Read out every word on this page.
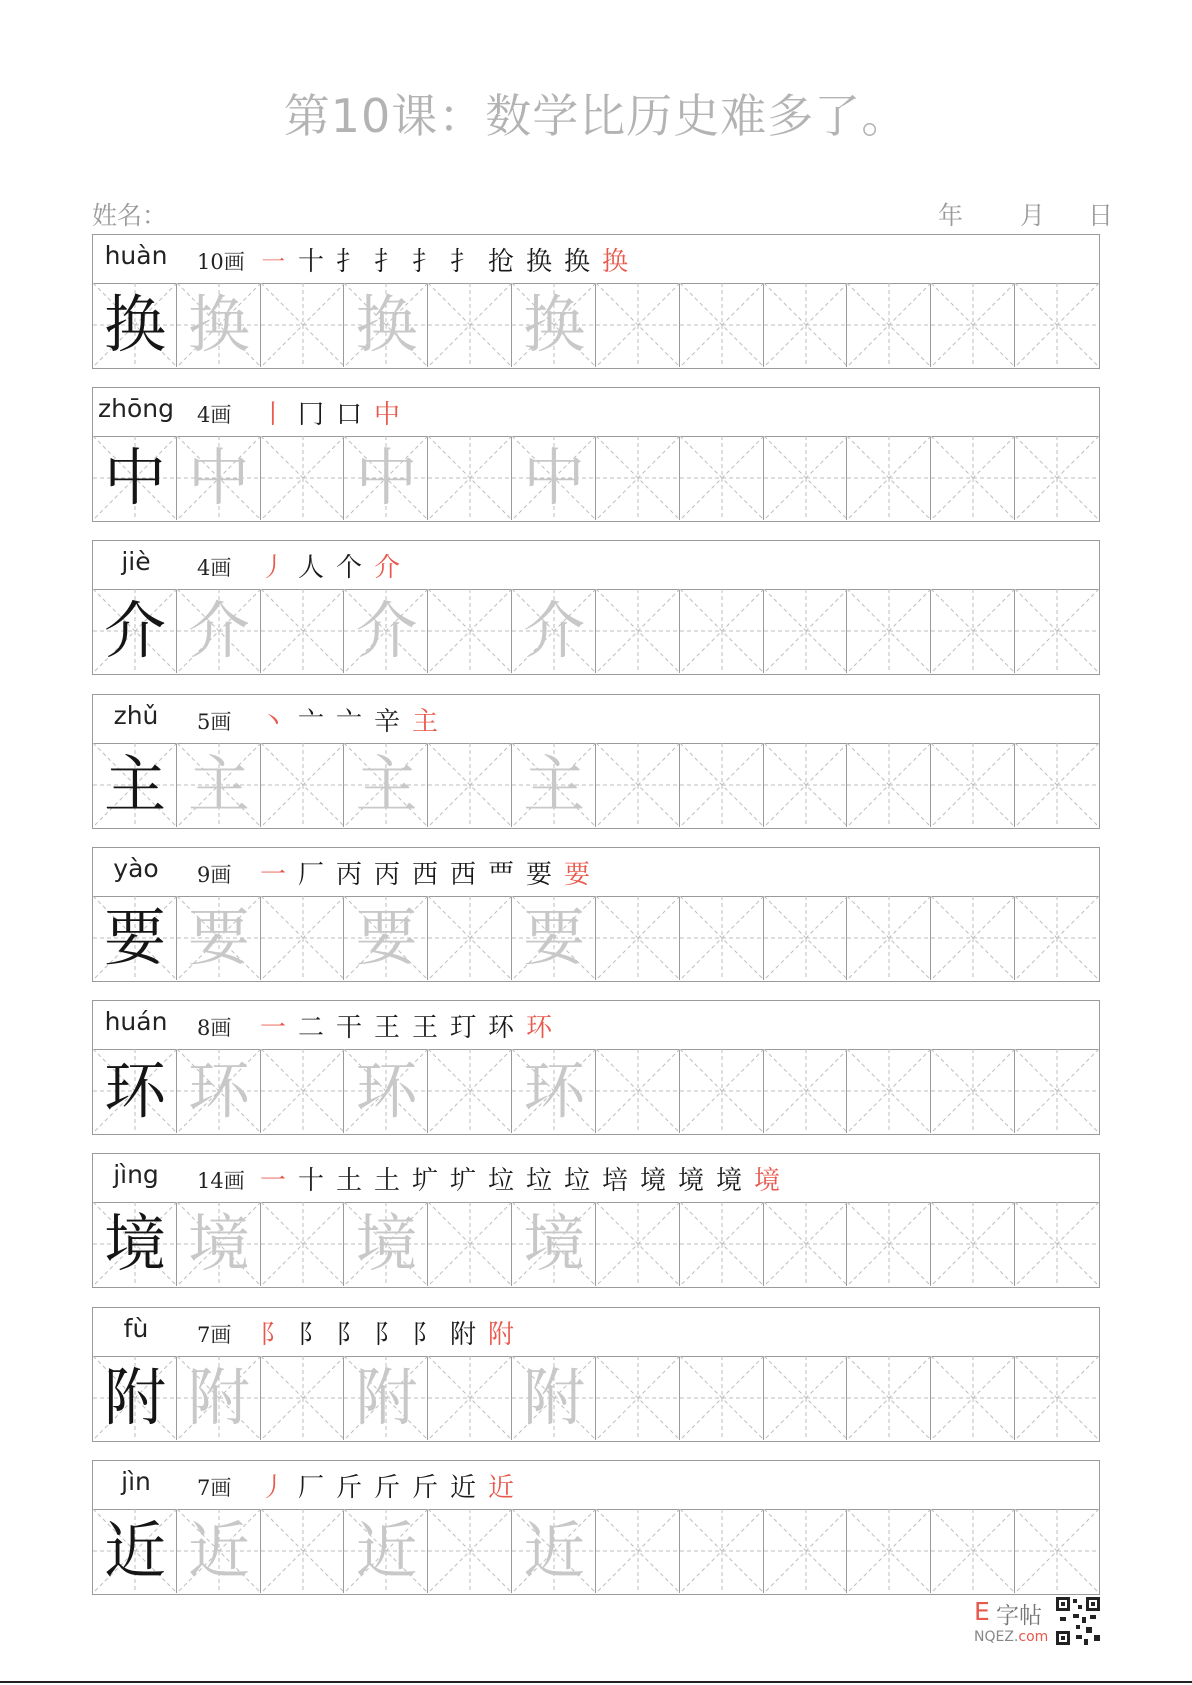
第10课：数学比历史难多了。
姓名：	年 月 日
huàn	10画 ㇐ 十 扌 扌 扌 扌 抢 换 换 换
换 换 换 换
zhōng 4画 丨 冂 口 中
中 中 中 中
jiè	4画 丿 人 个 介
介 介 介 介
zhǔ	5画 丶 亠 亠 辛 主
主 主 主 主
yào	9画 一 厂 丙 丙 西 西 覀 要 要
要 要 要 要
huán	8画 一 二 干 王 王 玎 环 环
环 环 环 环
jìng	14画 一 十 土 土 圹 圹 垃 垃 垃 培 境 境 境 境
境 境 境 境
fù	7画 阝 阝 阝 阝 阝 附 附
附 附 附 附
jìn	7画 丿 厂 斤 斤 斤 近 近
近 近 近 近
E 字帖
NQEZ.com
